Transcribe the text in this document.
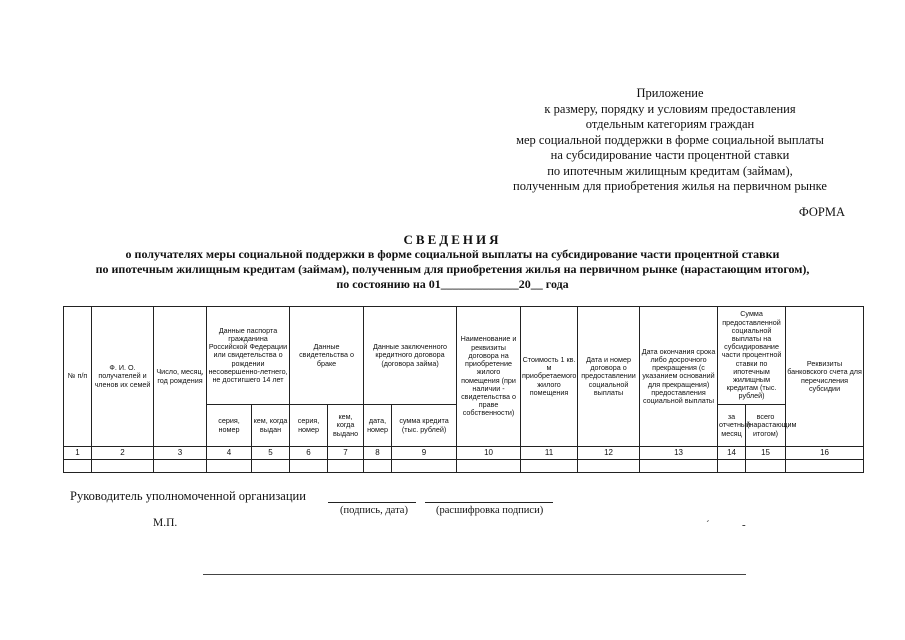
Приложение
к размеру, порядку и условиям предоставления
отдельным категориям граждан
мер социальной поддержки в форме социальной выплаты
на субсидирование части процентной ставки
по ипотечным жилищным кредитам (займам),
полученным для приобретения жилья на первичном рынке
ФОРМА
СВЕДЕНИЯ
о получателях меры социальной поддержки в форме социальной выплаты на субсидирование части процентной ставки
по ипотечным жилищным кредитам (займам), полученным для приобретения жилья на первичном рынке (нарастающим итогом),
по состоянию на 01_____________20__ года
№ п/п	Ф. И. О. получателей и членов их семей	Число, месяц, год рождения	Данные паспорта гражданина Российской Федерации или свидетельства о рождении несовершенно-летнего, не достигшего 14 лет		Данные свидетельства о браке		Данные заключенного кредитного договора (договора займа)		Наименование и реквизиты договора на приобретение жилого помещения (при наличии - свидетельства о праве собственности)	Стоимость 1 кв. м приобретаемого жилого помещения	Дата и номер договора о предоставлении социальной выплаты	Дата окончания срока либо досрочного прекращения (с указанием оснований для прекращения) предоставления социальной выплаты	Сумма предоставленной социальной выплаты на субсидирование части процентной ставки по ипотечным жилищным кредитам (тыс. рублей)		Реквизиты банковского счета для перечисления субсидии
			серия, номер	кем, когда выдан	серия, номер	кем, когда выдано	дата, номер	сумма кредита (тыс. рублей)					за отчетный месяц	всего (нарастающим итогом)	
1	2	3	4	5	6	7	8	9	10	11	12	13	14	15	16

Руководитель уполномоченной организации
(подпись, дата)	(расшифровка подписи)
М.П.	´	-
